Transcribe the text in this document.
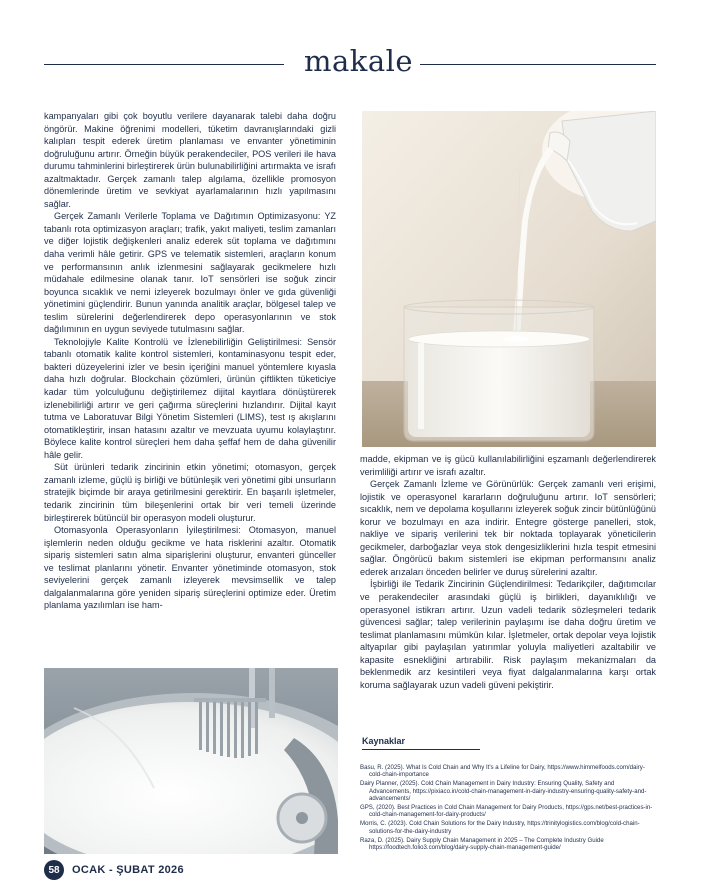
makale

kampanyaları gibi çok boyutlu verilere dayanarak talebi daha doğru öngörür. Makine öğrenimi modelleri, tüketim davranışlarındaki gizli kalıpları tespit ederek üretim planlaması ve envanter yönetiminin doğruluğunu artırır. Örneğin büyük perakendeciler, POS verileri ile hava durumu tahminlerini birleştirerek ürün bulunabilirliğini artırmakta ve israfı azaltmaktadır. Gerçek zamanlı talep algılama, özellikle promosyon dönemlerinde üretim ve sevkiyat ayarlamalarının hızlı yapılmasını sağlar.

Gerçek Zamanlı Verilerle Toplama ve Dağıtımın Optimizasyonu: YZ tabanlı rota optimizasyon araçları; trafik, yakıt maliyeti, teslim zamanları ve diğer lojistik değişkenleri analiz ederek süt toplama ve dağıtımını daha verimli hâle getirir. GPS ve telematik sistemleri, araçların konum ve performansının anlık izlenmesini sağlayarak gecikmelere hızlı müdahale edilmesine olanak tanır. IoT sensörleri ise soğuk zincir boyunca sıcaklık ve nemi izleyerek bozulmayı önler ve gıda güvenliği yönetimini güçlendirir. Bunun yanında analitik araçlar, bölgesel talep ve teslim sürelerini değerlendirerek depo operasyonlarının ve stok dağılımının en uygun seviyede tutulmasını sağlar.

Teknolojiyle Kalite Kontrolü ve İzlenebilirliğin Geliştirilmesi: Sensör tabanlı otomatik kalite kontrol sistemleri, kontaminasyonu tespit eder, bakteri düzeyelerini izler ve besin içeriğini manuel yöntemlere kıyasla daha hızlı doğrular. Blockchain çözümleri, ürünün çiftlikten tüketiciye kadar tüm yolculuğunu değiştirilemez dijital kayıtlara dönüştürerek izlenebilirliği artırır ve geri çağırma süreçlerini hızlandırır. Dijital kayıt tutma ve Laboratuvar Bilgi Yönetim Sistemleri (LIMS), test ış akışlarını otomatikleştirir, insan hatasını azaltır ve mevzuata uyumu kolaylaştırır. Böylece kalite kontrol süreçleri hem daha şeffaf hem de daha güvenilir hâle gelir.

Süt ürünleri tedarik zincirinin etkin yönetimi; otomasyon, gerçek zamanlı izleme, güçlü iş birliği ve bütünleşik veri yönetimi gibi unsurların stratejik biçimde bir araya getirilmesini gerektirir. En başarılı işletmeler, tedarik zincirinin tüm bileşenlerini ortak bir veri temeli üzerinde birleştirerek bütüncül bir operasyon modeli oluşturur.

Otomasyonla Operasyonların İyileştirilmesi: Otomasyon, manuel işlemlerin neden olduğu gecikme ve hata risklerini azaltır. Otomatik sipariş sistemleri satın alma siparişlerini oluşturur, envanteri günceller ve teslimat planlarını yönetir. Envanter yönetiminde otomasyon, stok seviyelerini gerçek zamanlı izleyerek mevsimsellik ve talep dalgalanmalarına göre yeniden sipariş süreçlerini optimize eder. Üretim planlama yazılımları ise ham-

madde, ekipman ve iş gücü kullanılabilirliğini eşzamanlı değerlendirerek verimliliği artırır ve israfı azaltır.

Gerçek Zamanlı İzleme ve Görünürlük: Gerçek zamanlı veri erişimi, lojistik ve operasyonel kararların doğruluğunu artırır. IoT sensörleri; sıcaklık, nem ve depolama koşullarını izleyerek soğuk zincir bütünlüğünü korur ve bozulmayı en aza indirir. Entegre gösterge panelleri, stok, nakliye ve sipariş verilerini tek bir noktada toplayarak yöneticilerin gecikmeler, darboğazlar veya stok dengesizliklerini hızla tespit etmesini sağlar. Öngörücü bakım sistemleri ise ekipman performansını analiz ederek arızaları önceden belirler ve duruş sürelerini azaltır.

İşbirliği ile Tedarik Zincirinin Güçlendirilmesi: Tedarikçiler, dağıtımcılar ve perakendeciler arasındaki güçlü iş birlikleri, dayanıklılığı ve operasyonel istikrarı artırır. Uzun vadeli tedarik sözleşmeleri tedarik güvencesi sağlar; talep verilerinin paylaşımı ise daha doğru üretim ve teslimat planlamasını mümkün kılar. İşletmeler, ortak depolar veya lojistik altyapılar gibi paylaşılan yatırımlar yoluyla maliyetleri azaltabilir ve kapasite esnekliğini artırabilir. Risk paylaşım mekanizmaları da beklenmedik arz kesintileri veya fiyat dalgalanmalarına karşı ortak koruma sağlayarak uzun vadeli güveni pekiştirir.

Kaynaklar
Basu, R. (2025). What Is Cold Chain and Why It's a Lifeline for Dairy, https://www.himmelfoods.com/dairy-cold-chain-importance
Dairy Planner, (2025). Cold Chain Management in Dairy Industry: Ensuring Quality, Safety and Advancements, https://pixiaco.in/cold-chain-management-in-dairy-industry-ensuring-quality-safety-and-advancements/
GPS, (2020). Best Practices in Cold Chain Management for Dairy Products, https://gps.net/best-practices-in-cold-chain-management-for-dairy-products/
Morris, C. (2023). Cold Chain Solutions for the Dairy Industry, https://trinitylogistics.com/blog/cold-chain-solutions-for-the-dairy-industry
Raza, D. (2025). Dairy Supply Chain Management in 2025 – The Complete Industry Guide https://foodtech.folio3.com/blog/dairy-supply-chain-management-guide/
58	OCAK - ŞUBAT 2026
